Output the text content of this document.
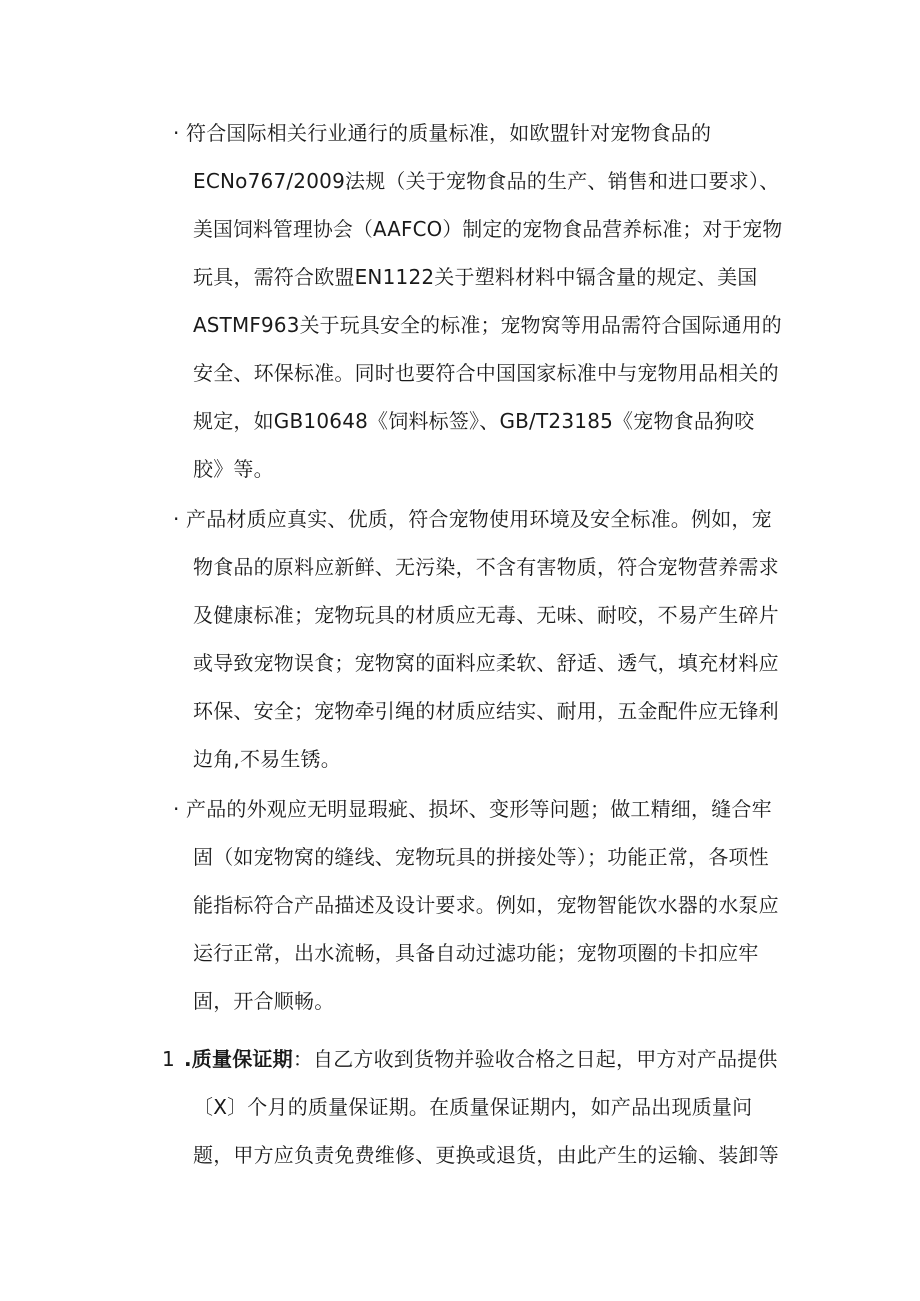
· 符合国际相关行业通行的质量标准，如欧盟针对宠物食品的
ECNo767/2009法规（关于宠物食品的生产、销售和进口要求）、
美国饲料管理协会（AAFCO）制定的宠物食品营养标准；对于宠物
玩具，需符合欧盟EN1122关于塑料材料中镉含量的规定、美国
ASTMF963关于玩具安全的标准；宠物窝等用品需符合国际通用的
安全、环保标准。同时也要符合中国国家标准中与宠物用品相关的
规定，如GB10648《饲料标签》、GB/T23185《宠物食品狗咬
胶》等。
· 产品材质应真实、优质，符合宠物使用环境及安全标准。例如，宠
物食品的原料应新鲜、无污染，不含有害物质，符合宠物营养需求
及健康标准；宠物玩具的材质应无毒、无味、耐咬，不易产生碎片
或导致宠物误食；宠物窝的面料应柔软、舒适、透气，填充材料应
环保、安全；宠物牵引绳的材质应结实、耐用，五金配件应无锋利
边角,不易生锈。
· 产品的外观应无明显瑕疵、损坏、变形等问题；做工精细，缝合牢
固（如宠物窝的缝线、宠物玩具的拼接处等）；功能正常，各项性
能指标符合产品描述及设计要求。例如，宠物智能饮水器的水泵应
运行正常，出水流畅，具备自动过滤功能；宠物项圈的卡扣应牢
固，开合顺畅。
1 .质量保证期：自乙方收到货物并验收合格之日起，甲方对产品提供
〔X〕个月的质量保证期。在质量保证期内，如产品出现质量问
题，甲方应负责免费维修、更换或退货，由此产生的运输、装卸等
